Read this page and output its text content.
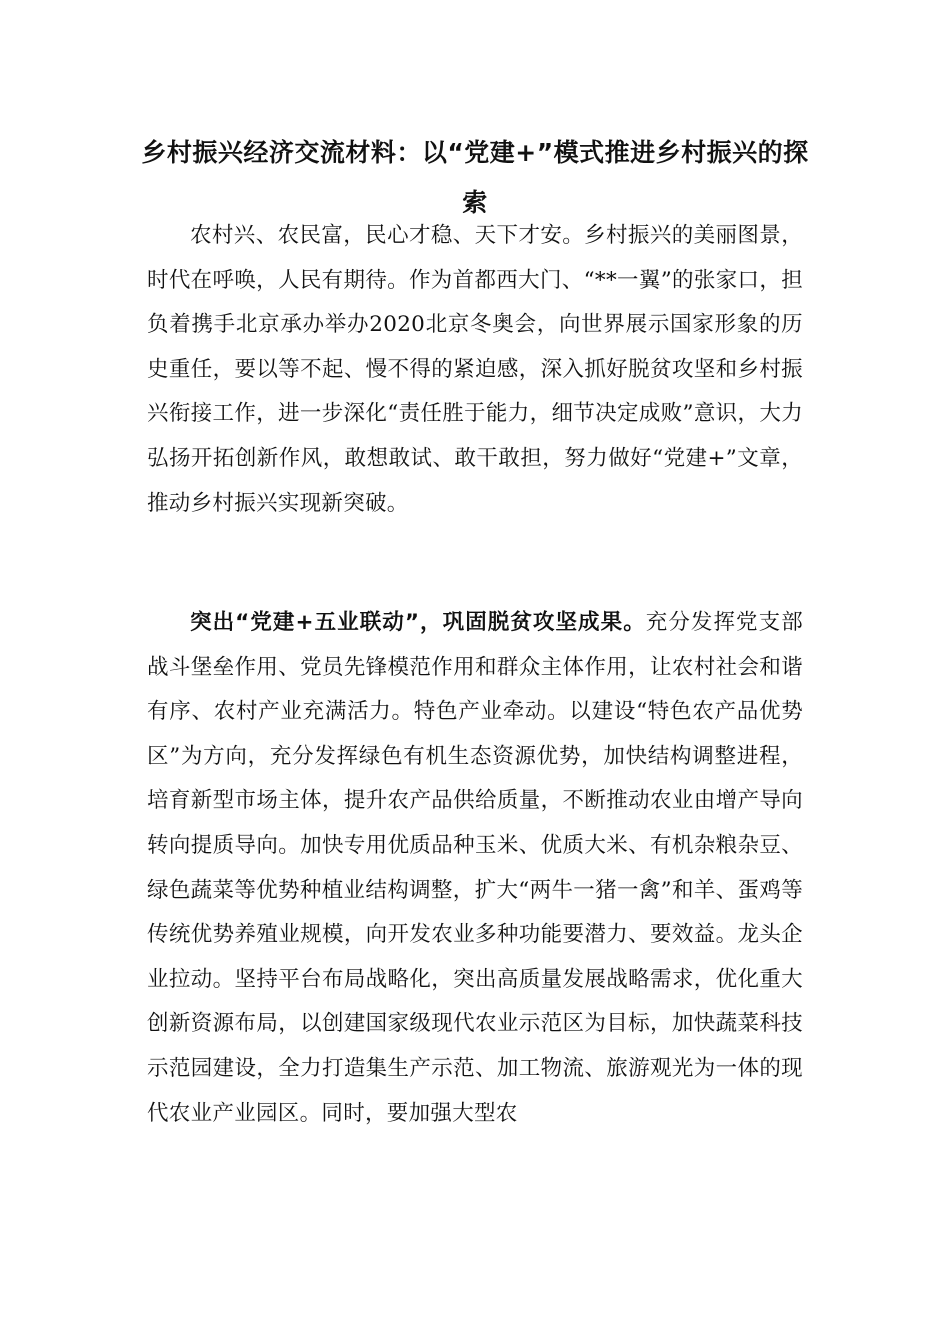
乡村振兴经济交流材料：以“党建+”模式推进乡村振兴的探索

农村兴、农民富，民心才稳、天下才安。乡村振兴的美丽图景，时代在呼唤，人民有期待。作为首都西大门、“**一翼”的张家口，担负着携手北京承办举办2020北京冬奥会，向世界展示国家形象的历史重任，要以等不起、慢不得的紧迫感，深入抓好脱贫攻坚和乡村振兴衔接工作，进一步深化“责任胜于能力，细节决定成败”意识，大力弘扬开拓创新作风，敢想敢试、敢干敢担，努力做好“党建+”文章，推动乡村振兴实现新突破。

突出“党建+五业联动”，巩固脱贫攻坚成果。充分发挥党支部战斗堡垒作用、党员先锋模范作用和群众主体作用，让农村社会和谐有序、农村产业充满活力。特色产业牵动。以建设“特色农产品优势区”为方向，充分发挥绿色有机生态资源优势，加快结构调整进程，培育新型市场主体，提升农产品供给质量，不断推动农业由增产导向转向提质导向。加快专用优质品种玉米、优质大米、有机杂粮杂豆、绿色蔬菜等优势种植业结构调整，扩大“两牛一猪一禽”和羊、蛋鸡等传统优势养殖业规模，向开发农业多种功能要潜力、要效益。龙头企业拉动。坚持平台布局战略化，突出高质量发展战略需求，优化重大创新资源布局，以创建国家级现代农业示范区为目标，加快蔬菜科技示范园建设，全力打造集生产示范、加工物流、旅游观光为一体的现代农业产业园区。同时，要加强大型农
